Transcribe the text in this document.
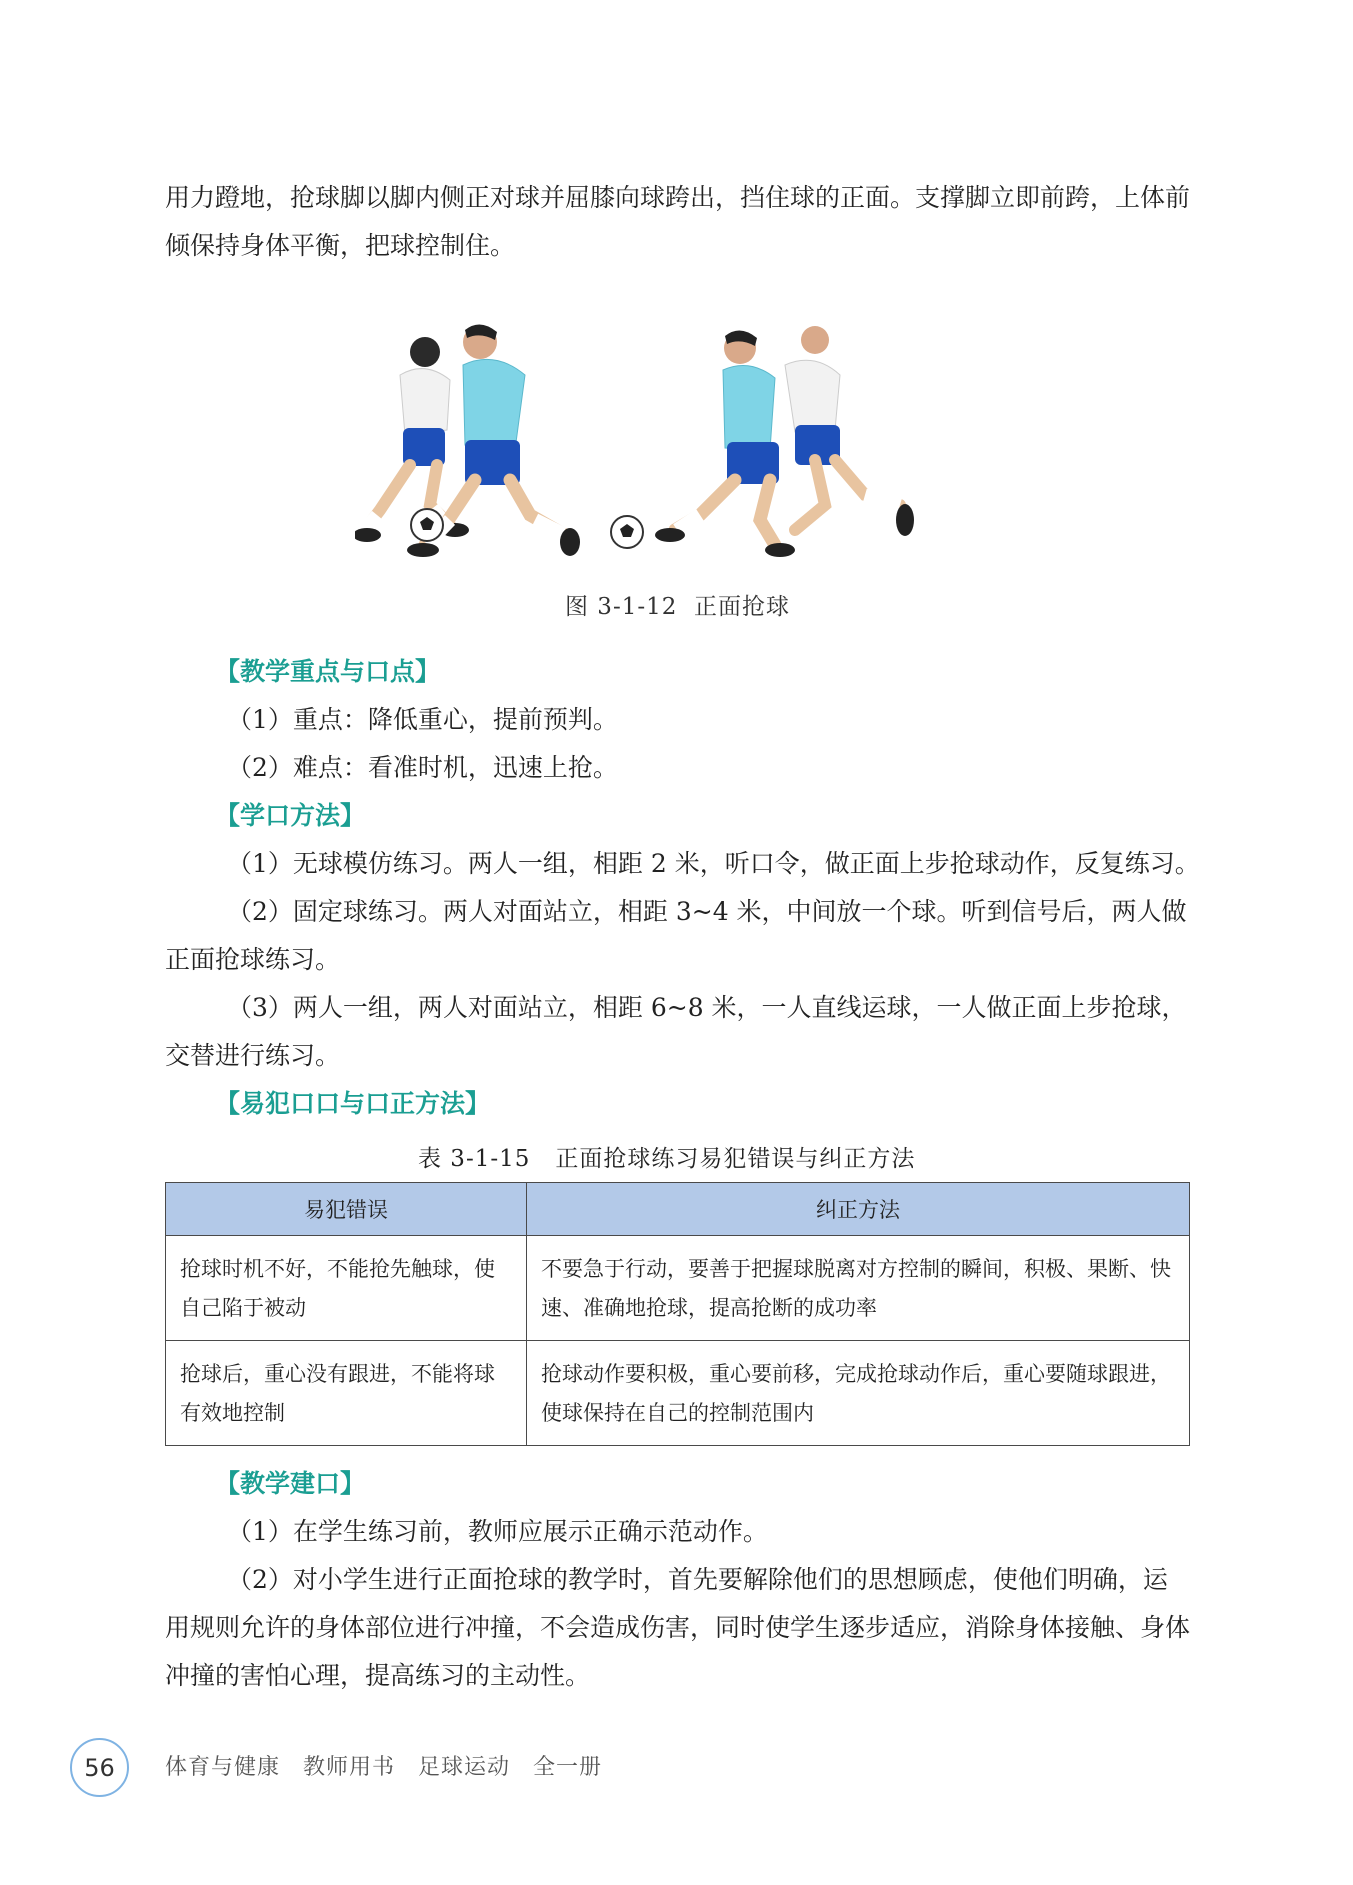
用力蹬地，抢球脚以脚内侧正对球并屈膝向球跨出，挡住球的正面。支撑脚立即前跨，上体前倾保持身体平衡，把球控制住。

图 3-1-12 正面抢球
【教学重点与口点】
（1）重点：降低重心，提前预判。
（2）难点：看准时机，迅速上抢。
【学口方法】
（1）无球模仿练习。两人一组，相距 2 米，听口令，做正面上步抢球动作，反复练习。

（2）固定球练习。两人对面站立，相距 3~4 米，中间放一个球。听到信号后，两人做正面抢球练习。

（3）两人一组，两人对面站立，相距 6~8 米，一人直线运球，一人做正面上步抢球，交替进行练习。

【易犯口口与口正方法】
表 3-1-15 正面抢球练习易犯错误与纠正方法
易犯错误	纠正方法
抢球时机不好，不能抢先触球，使自己陷于被动	不要急于行动，要善于把握球脱离对方控制的瞬间，积极、果断、快速、准确地抢球，提高抢断的成功率
抢球后，重心没有跟进，不能将球有效地控制	抢球动作要积极，重心要前移，完成抢球动作后，重心要随球跟进，使球保持在自己的控制范围内
【教学建口】
（1）在学生练习前，教师应展示正确示范动作。

（2）对小学生进行正面抢球的教学时，首先要解除他们的思想顾虑，使他们明确，运用规则允许的身体部位进行冲撞，不会造成伤害，同时使学生逐步适应，消除身体接触、身体冲撞的害怕心理，提高练习的主动性。

56	体育与健康　教师用书　足球运动　全一册
